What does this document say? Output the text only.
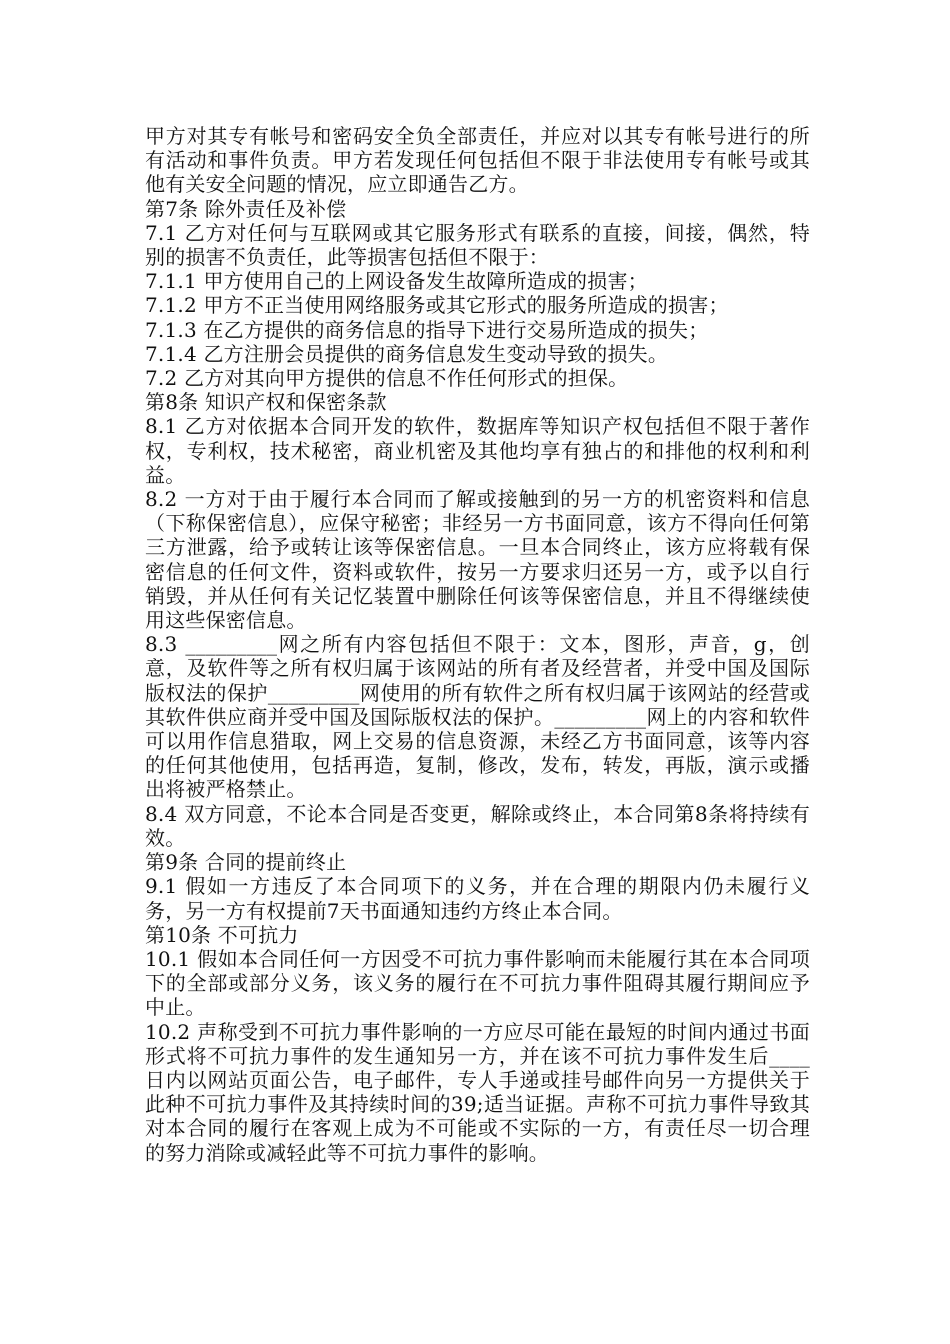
甲方对其专有帐号和密码安全负全部责任，并应对以其专有帐号进行的所有活动和事件负责。甲方若发现任何包括但不限于非法使用专有帐号或其他有关安全问题的情况，应立即通告乙方。

第7条 除外责任及补偿

7.1 乙方对任何与互联网或其它服务形式有联系的直接，间接，偶然，特别的损害不负责任，此等损害包括但不限于：

7.1.1 甲方使用自己的上网设备发生故障所造成的损害；

7.1.2 甲方不正当使用网络服务或其它形式的服务所造成的损害；

7.1.3 在乙方提供的商务信息的指导下进行交易所造成的损失；

7.1.4 乙方注册会员提供的商务信息发生变动导致的损失。

7.2 乙方对其向甲方提供的信息不作任何形式的担保。

第8条 知识产权和保密条款

8.1 乙方对依据本合同开发的软件，数据库等知识产权包括但不限于著作权，专利权，技术秘密，商业机密及其他均享有独占的和排他的权利和利益。

8.2 一方对于由于履行本合同而了解或接触到的另一方的机密资料和信息（下称保密信息），应保守秘密；非经另一方书面同意，该方不得向任何第三方泄露，给予或转让该等保密信息。一旦本合同终止，该方应将载有保密信息的任何文件，资料或软件，按另一方要求归还另一方，或予以自行销毁，并从任何有关记忆装置中删除任何该等保密信息，并且不得继续使用这些保密信息。

8.3 _________网之所有内容包括但不限于：文本，图形，声音，g，创意，及软件等之所有权归属于该网站的所有者及经营者，并受中国及国际版权法的保护_________网使用的所有软件之所有权归属于该网站的经营或其软件供应商并受中国及国际版权法的保护。_________网上的内容和软件可以用作信息猎取，网上交易的信息资源，未经乙方书面同意，该等内容的任何其他使用，包括再造，复制，修改，发布，转发，再版，演示或播出将被严格禁止。

8.4 双方同意，不论本合同是否变更，解除或终止，本合同第8条将持续有效。

第9条 合同的提前终止

9.1 假如一方违反了本合同项下的义务，并在合理的期限内仍未履行义务，另一方有权提前7天书面通知违约方终止本合同。

第10条 不可抗力

10.1 假如本合同任何一方因受不可抗力事件影响而未能履行其在本合同项下的全部或部分义务，该义务的履行在不可抗力事件阻碍其履行期间应予中止。

10.2 声称受到不可抗力事件影响的一方应尽可能在最短的时间内通过书面形式将不可抗力事件的发生通知另一方，并在该不可抗力事件发生后____日内以网站页面公告，电子邮件，专人手递或挂号邮件向另一方提供关于此种不可抗力事件及其持续时间的39;适当证据。声称不可抗力事件导致其对本合同的履行在客观上成为不可能或不实际的一方，有责任尽一切合理的努力消除或减轻此等不可抗力事件的影响。
